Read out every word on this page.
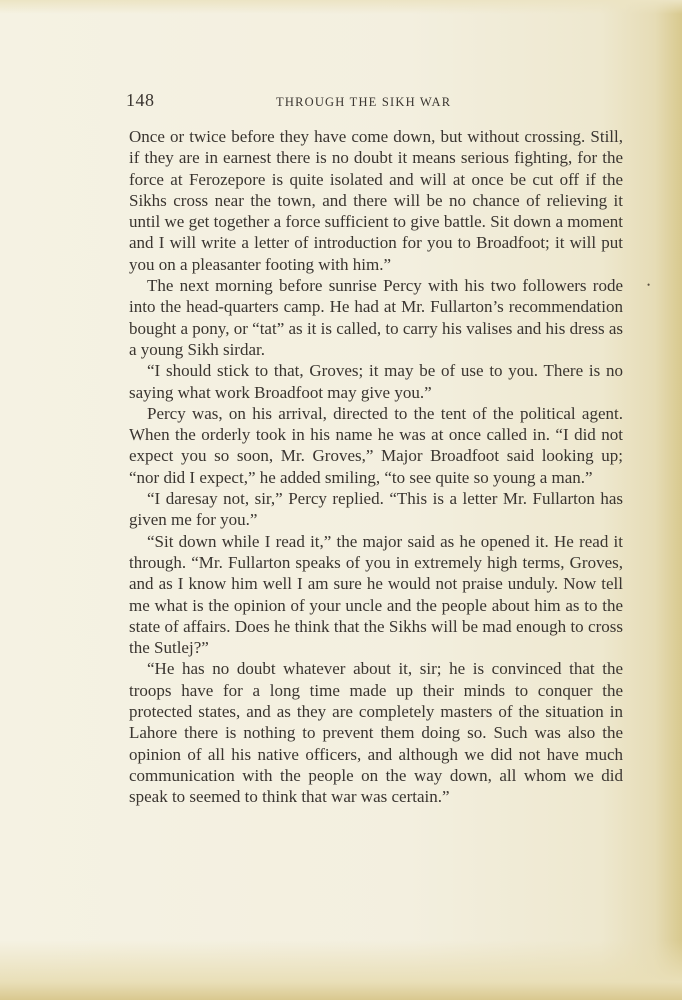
148	THROUGH THE SIKH WAR
•

Once or twice before they have come down, but without crossing. Still, if they are in earnest there is no doubt it means serious fighting, for the force at Ferozepore is quite isolated and will at once be cut off if the Sikhs cross near the town, and there will be no chance of relieving it until we get together a force sufficient to give battle. Sit down a moment and I will write a letter of introduction for you to Broadfoot; it will put you on a pleasanter footing with him.”

The next morning before sunrise Percy with his two followers rode into the head-quarters camp. He had at Mr. Fullarton’s recommendation bought a pony, or “tat” as it is called, to carry his valises and his dress as a young Sikh sirdar.

“I should stick to that, Groves; it may be of use to you. There is no saying what work Broadfoot may give you.”

Percy was, on his arrival, directed to the tent of the political agent. When the orderly took in his name he was at once called in. “I did not expect you so soon, Mr. Groves,” Major Broadfoot said looking up; “nor did I expect,” he added smiling, “to see quite so young a man.”

“I daresay not, sir,” Percy replied. “This is a letter Mr. Fullarton has given me for you.”

“Sit down while I read it,” the major said as he opened it. He read it through. “Mr. Fullarton speaks of you in extremely high terms, Groves, and as I know him well I am sure he would not praise unduly. Now tell me what is the opinion of your uncle and the people about him as to the state of affairs. Does he think that the Sikhs will be mad enough to cross the Sutlej?”

“He has no doubt whatever about it, sir; he is convinced that the troops have for a long time made up their minds to conquer the protected states, and as they are completely masters of the situation in Lahore there is nothing to prevent them doing so. Such was also the opinion of all his native officers, and although we did not have much communication with the people on the way down, all whom we did speak to seemed to think that war was certain.”
